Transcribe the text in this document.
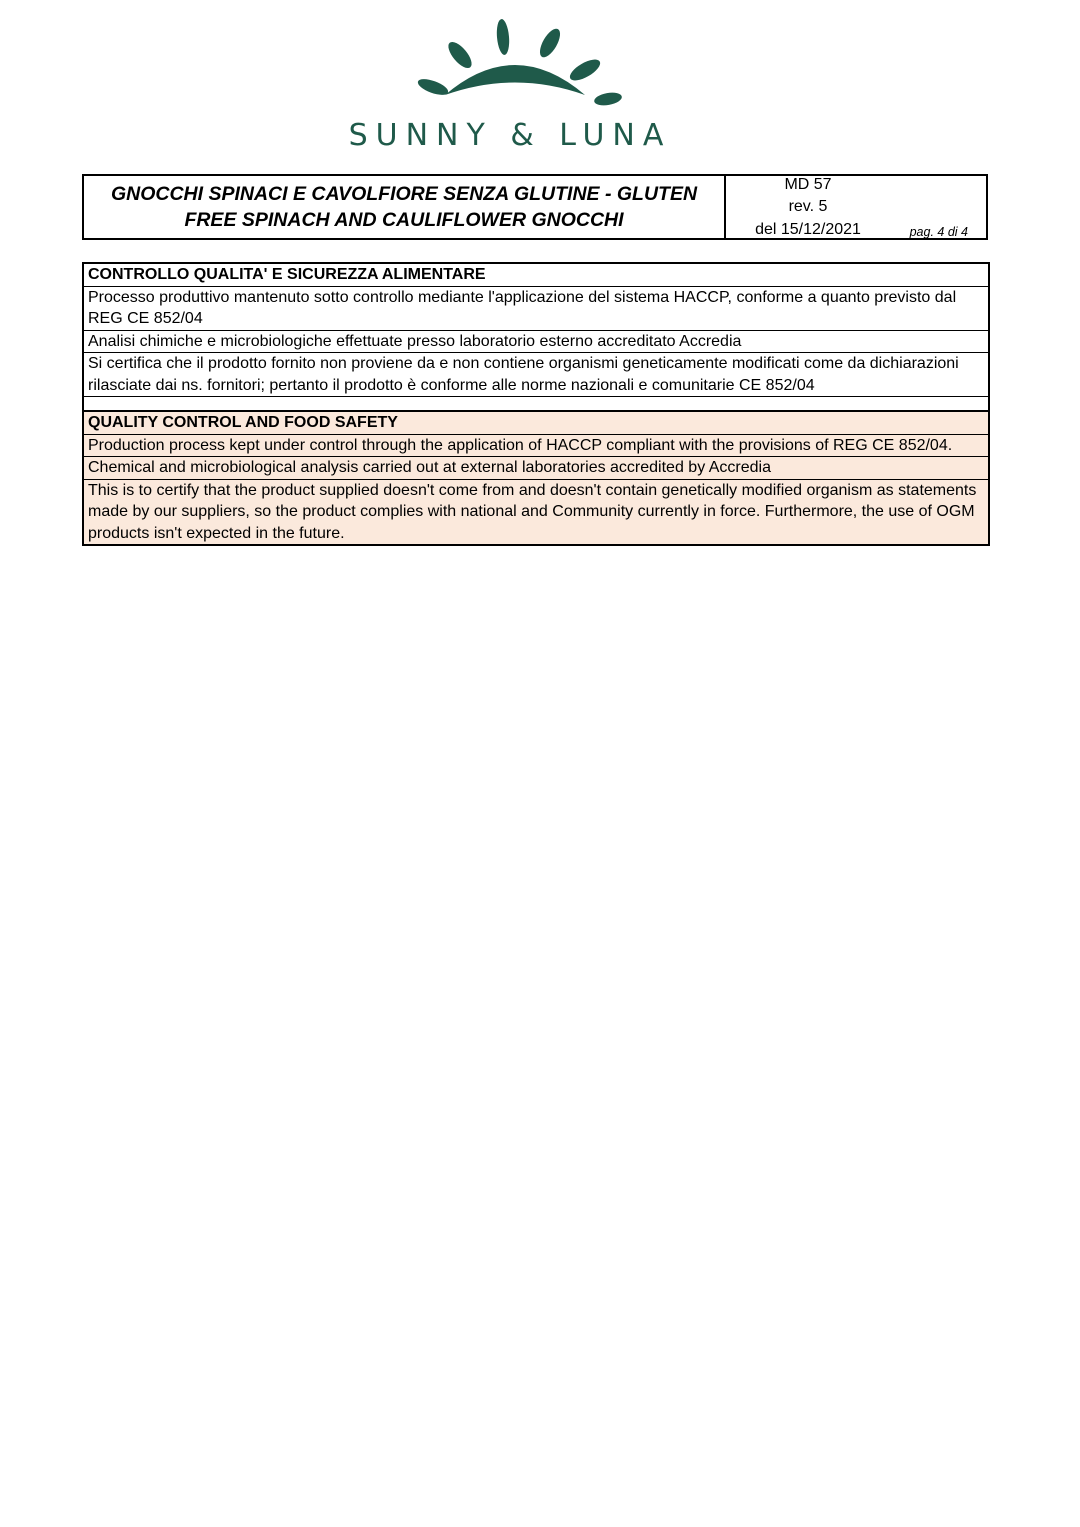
SUNNY & LUNA
GNOCCHI SPINACI E CAVOLFIORE SENZA GLUTINE - GLUTEN
FREE SPINACH AND CAULIFLOWER GNOCCHI
MD 57
rev. 5
del 15/12/2021	pag. 4 di 4
CONTROLLO QUALITA' E SICUREZZA ALIMENTARE
Processo produttivo mantenuto sotto controllo mediante l'applicazione del sistema HACCP, conforme a quanto previsto dal REG CE 852/04
Analisi chimiche e microbiologiche effettuate presso laboratorio esterno accreditato Accredia
Si certifica che il prodotto fornito non proviene da e non contiene organismi geneticamente modificati come da dichiarazioni rilasciate dai ns. fornitori; pertanto il prodotto è conforme alle norme nazionali e comunitarie CE 852/04
QUALITY CONTROL AND FOOD SAFETY
Production process kept under control through the application of HACCP compliant with the provisions of REG CE 852/04.
Chemical and microbiological analysis carried out at external laboratories accredited by Accredia
This is to certify that the product supplied doesn't come from and doesn't contain genetically modified organism as statements made by our suppliers, so the product complies with national and Community currently in force. Furthermore, the use of OGM products isn't expected in the future.
